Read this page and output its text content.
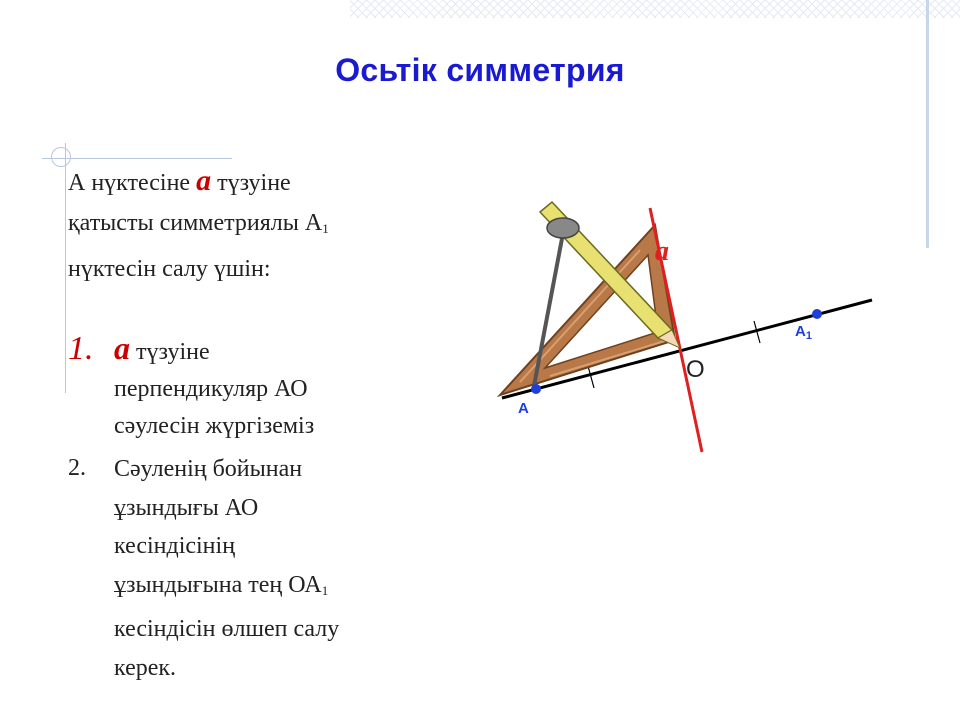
Осьтік симметрия
А нүктесіне а түзуіне
қатысты симметриялы $А_1$
нүктесін салу үшін:
1. а түзуіне
перпендикуляр АО
сәулесін жүргіземіз
2.	Сәуленің бойынан
ұзындығы АО
кесіндісінің
ұзындығына тең $ОА_1$
кесіндісін өлшеп салу
керек.
a
A
$A_1$
O
